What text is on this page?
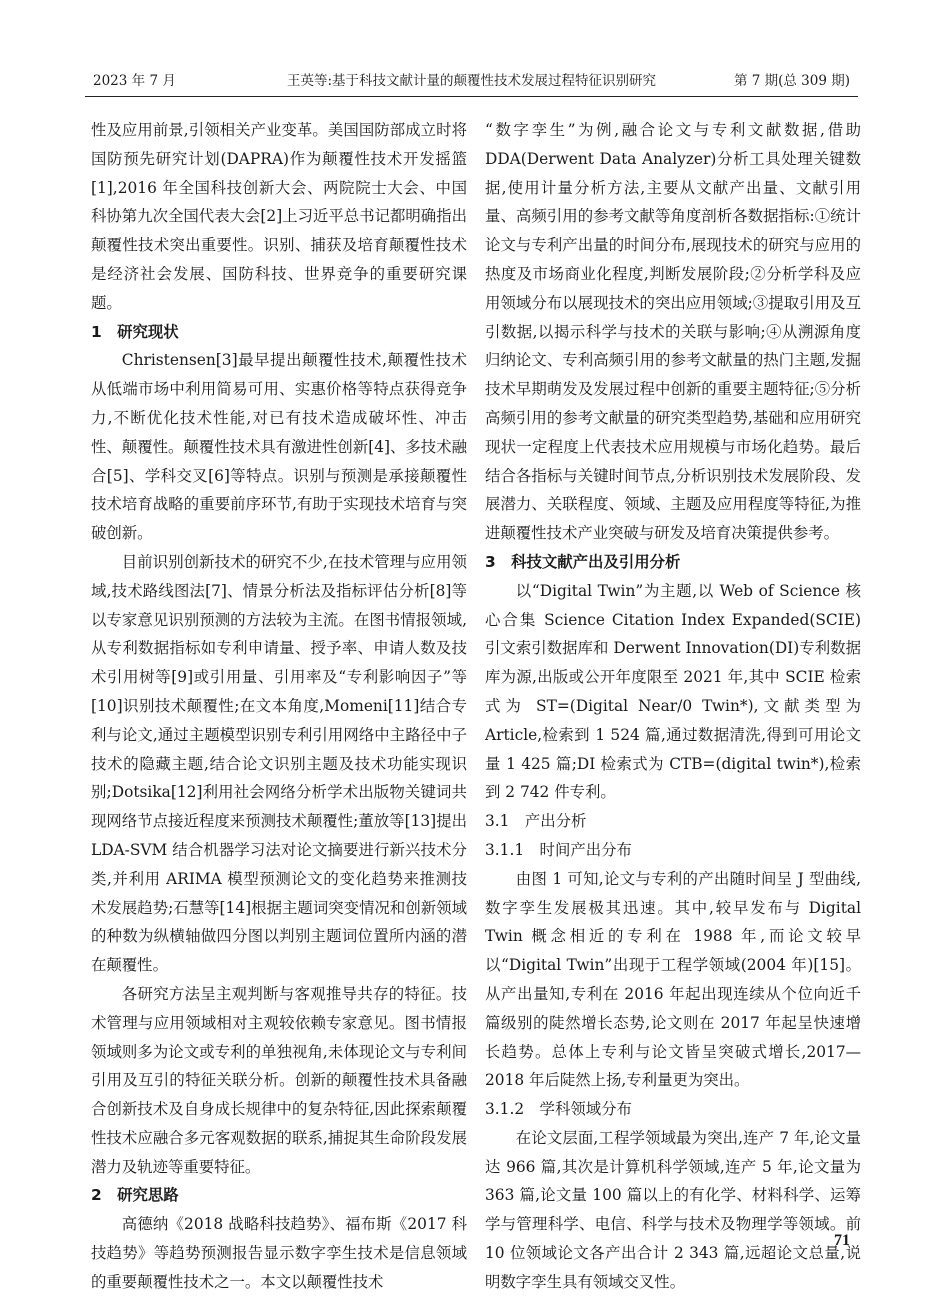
2023 年 7 月	王英等:基于科技文献计量的颠覆性技术发展过程特征识别研究	第 7 期(总 309 期)

性及应用前景,引领相关产业变革。美国国防部成立时将国防预先研究计划(DAPRA)作为颠覆性技术开发摇篮[1],2016 年全国科技创新大会、两院院士大会、中国科协第九次全国代表大会[2]上习近平总书记都明确指出颠覆性技术突出重要性。识别、捕获及培育颠覆性技术是经济社会发展、国防科技、世界竞争的重要研究课题。

1　研究现状

Christensen[3]最早提出颠覆性技术,颠覆性技术从低端市场中利用简易可用、实惠价格等特点获得竞争力,不断优化技术性能,对已有技术造成破坏性、冲击性、颠覆性。颠覆性技术具有激进性创新[4]、多技术融合[5]、学科交叉[6]等特点。识别与预测是承接颠覆性技术培育战略的重要前序环节,有助于实现技术培育与突破创新。

目前识别创新技术的研究不少,在技术管理与应用领域,技术路线图法[7]、情景分析法及指标评估分析[8]等以专家意见识别预测的方法较为主流。在图书情报领域,从专利数据指标如专利申请量、授予率、申请人数及技术引用树等[9]或引用量、引用率及“专利影响因子”等[10]识别技术颠覆性;在文本角度,Momeni[11]结合专利与论文,通过主题模型识别专利引用网络中主路径中子技术的隐藏主题,结合论文识别主题及技术功能实现识别;Dotsika[12]利用社会网络分析学术出版物关键词共现网络节点接近程度来预测技术颠覆性;董放等[13]提出 LDA-SVM 结合机器学习法对论文摘要进行新兴技术分类,并利用 ARIMA 模型预测论文的变化趋势来推测技术发展趋势;石慧等[14]根据主题词突变情况和创新领域的种数为纵横轴做四分图以判别主题词位置所内涵的潜在颠覆性。

各研究方法呈主观判断与客观推导共存的特征。技术管理与应用领域相对主观较依赖专家意见。图书情报领域则多为论文或专利的单独视角,未体现论文与专利间引用及互引的特征关联分析。创新的颠覆性技术具备融合创新技术及自身成长规律中的复杂特征,因此探索颠覆性技术应融合多元客观数据的联系,捕捉其生命阶段发展潜力及轨迹等重要特征。

2　研究思路

高德纳《2018 战略科技趋势》、福布斯《2017 科技趋势》等趋势预测报告显示数字孪生技术是信息领域的重要颠覆性技术之一。本文以颠覆性技术

“数字孪生”为例,融合论文与专利文献数据,借助 DDA(Derwent Data Analyzer)分析工具处理关键数据,使用计量分析方法,主要从文献产出量、文献引用量、高频引用的参考文献等角度剖析各数据指标:①统计论文与专利产出量的时间分布,展现技术的研究与应用的热度及市场商业化程度,判断发展阶段;②分析学科及应用领域分布以展现技术的突出应用领域;③提取引用及互引数据,以揭示科学与技术的关联与影响;④从溯源角度归纳论文、专利高频引用的参考文献量的热门主题,发掘技术早期萌发及发展过程中创新的重要主题特征;⑤分析高频引用的参考文献量的研究类型趋势,基础和应用研究现状一定程度上代表技术应用规模与市场化趋势。最后结合各指标与关键时间节点,分析识别技术发展阶段、发展潜力、关联程度、领域、主题及应用程度等特征,为推进颠覆性技术产业突破与研发及培育决策提供参考。

3　科技文献产出及引用分析

以“Digital Twin”为主题,以 Web of Science 核心合集 Science Citation Index Expanded(SCIE)引文索引数据库和 Derwent Innovation(DI)专利数据库为源,出版或公开年度限至 2021 年,其中 SCIE 检索式为 ST=(Digital Near/0 Twin*),文献类型为 Article,检索到 1 524 篇,通过数据清洗,得到可用论文量 1 425 篇;DI 检索式为 CTB=(digital twin*),检索到 2 742 件专利。

3.1　产出分析
3.1.1　时间产出分布

由图 1 可知,论文与专利的产出随时间呈 J 型曲线,数字孪生发展极其迅速。其中,较早发布与 Digital Twin 概念相近的专利在 1988 年,而论文较早以“Digital Twin”出现于工程学领域(2004 年)[15]。从产出量知,专利在 2016 年起出现连续从个位向近千篇级别的陡然增长态势,论文则在 2017 年起呈快速增长趋势。总体上专利与论文皆呈突破式增长,2017—2018 年后陡然上扬,专利量更为突出。

3.1.2　学科领域分布

在论文层面,工程学领域最为突出,连产 7 年,论文量达 966 篇,其次是计算机科学领域,连产 5 年,论文量为 363 篇,论文量 100 篇以上的有化学、材料科学、运筹学与管理科学、电信、科学与技术及物理学等领域。前 10 位领域论文各产出合计 2 343 篇,远超论文总量,说明数字孪生具有领域交叉性。

71
